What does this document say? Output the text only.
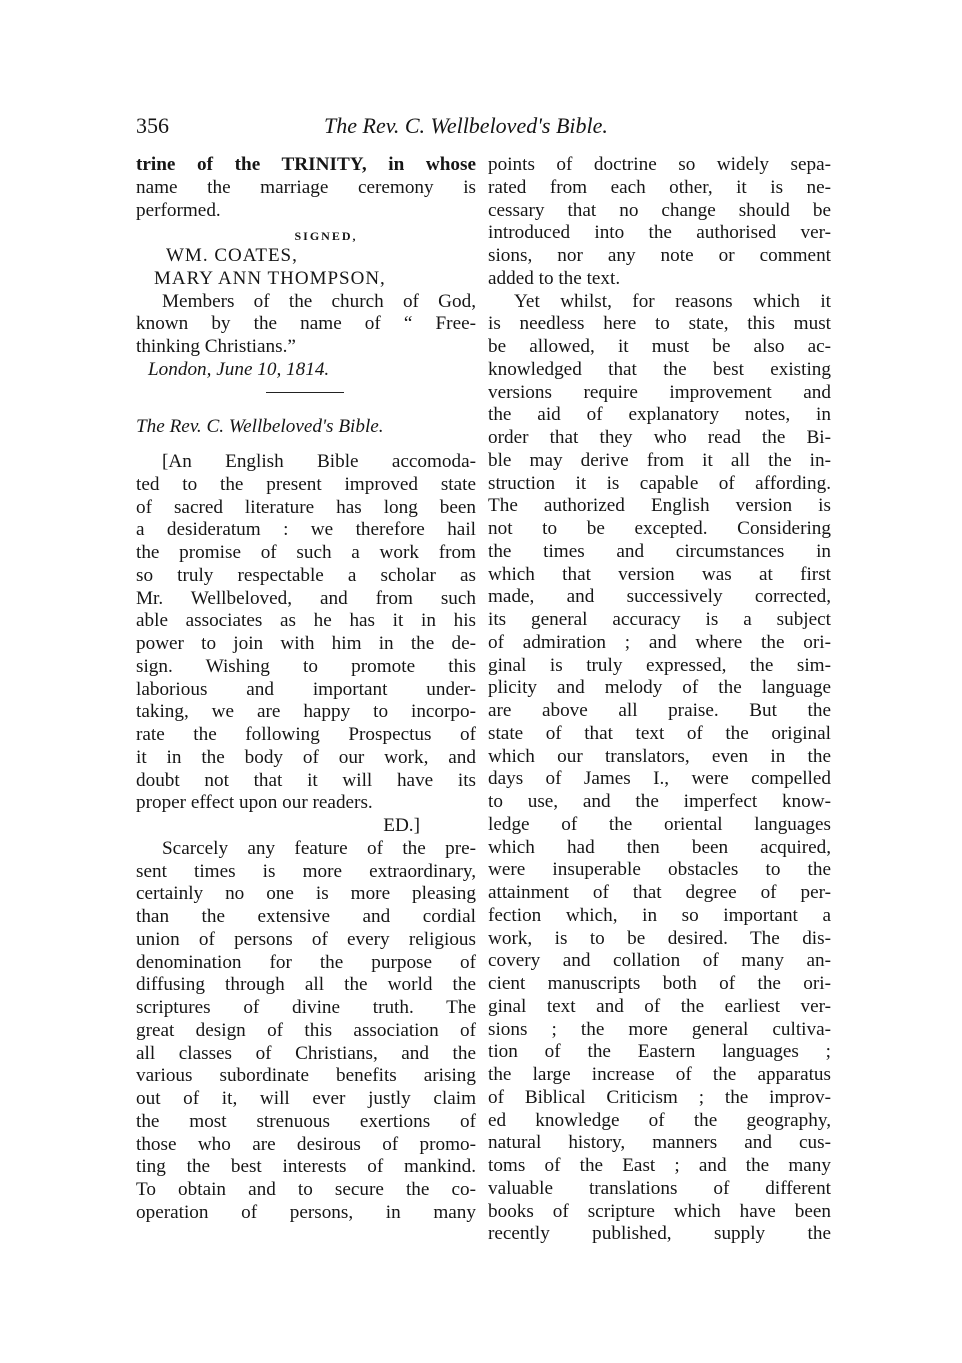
356	The Rev. C. Wellbeloved's Bible.
trine of the TRINITY, in whose
name the marriage ceremony is
performed.
SIGNED,
WM. COATES,
MARY ANN THOMPSON,
Members of the church of God,
known by the name of “ Free-
thinking Christians.”
London, June 10, 1814.
The Rev. C. Wellbeloved's Bible.
[An English Bible accomoda-
ted to the present improved state
of sacred literature has long been
a desideratum : we therefore hail
the promise of such a work from
so truly respectable a scholar as
Mr. Wellbeloved, and from such
able associates as he has it in his
power to join with him in the de-
sign. Wishing to promote this
laborious and important under-
taking, we are happy to incorpo-
rate the following Prospectus of
it in the body of our work, and
doubt not that it will have its
proper effect upon our readers.
ED.]
Scarcely any feature of the pre-
sent times is more extraordinary,
certainly no one is more pleasing
than the extensive and cordial
union of persons of every religious
denomination for the purpose of
diffusing through all the world the
scriptures of divine truth. The
great design of this association of
all classes of Christians, and the
various subordinate benefits arising
out of it, will ever justly claim
the most strenuous exertions of
those who are desirous of promo-
ting the best interests of mankind.
To obtain and to secure the co-
operation of persons, in many
points of doctrine so widely sepa-
rated from each other, it is ne-
cessary that no change should be
introduced into the authorised ver-
sions, nor any note or comment
added to the text.
Yet whilst, for reasons which it
is needless here to state, this must
be allowed, it must be also ac-
knowledged that the best existing
versions require improvement and
the aid of explanatory notes, in
order that they who read the Bi-
ble may derive from it all the in-
struction it is capable of affording.
The authorized English version is
not to be excepted. Considering
the times and circumstances in
which that version was at first
made, and successively corrected,
its general accuracy is a subject
of admiration ; and where the ori-
ginal is truly expressed, the sim-
plicity and melody of the language
are above all praise. But the
state of that text of the original
which our translators, even in the
days of James I., were compelled
to use, and the imperfect know-
ledge of the oriental languages
which had then been acquired,
were insuperable obstacles to the
attainment of that degree of per-
fection which, in so important a
work, is to be desired. The dis-
covery and collation of many an-
cient manuscripts both of the ori-
ginal text and of the earliest ver-
sions ; the more general cultiva-
tion of the Eastern languages ;
the large increase of the apparatus
of Biblical Criticism ; the improv-
ed knowledge of the geography,
natural history, manners and cus-
toms of the East ; and the many
valuable translations of different
books of scripture which have been
recently published, supply the
